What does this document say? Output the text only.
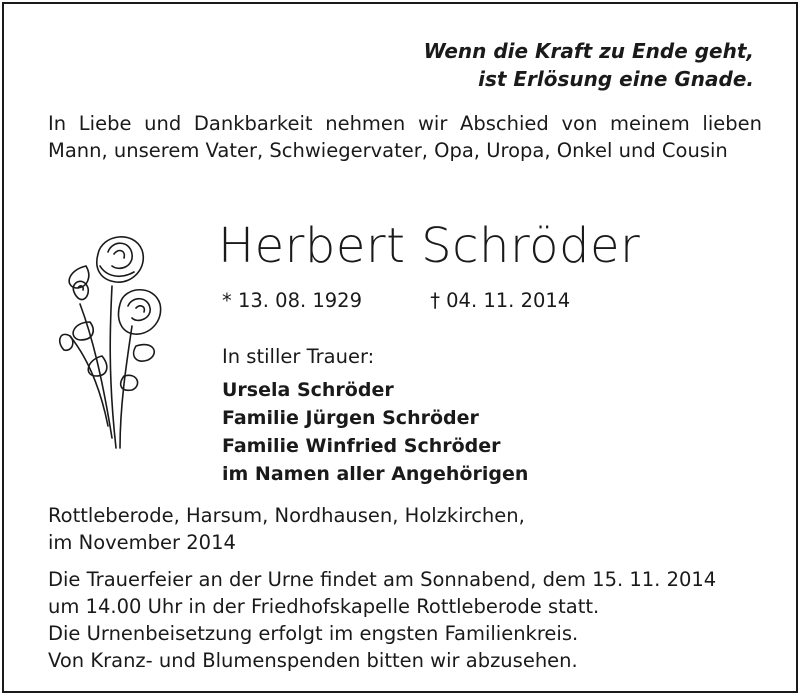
Wenn die Kraft zu Ende geht,
ist Erlösung eine Gnade.
In Liebe und Dankbarkeit nehmen wir Abschied von meinem lieben Mann, unserem Vater, Schwiegervater, Opa, Uropa, Onkel und Cousin
Herbert Schröder
* 13. 08. 1929	† 04. 11. 2014
In stiller Trauer:
Ursela Schröder
Familie Jürgen Schröder
Familie Winfried Schröder
im Namen aller Angehörigen
Rottleberode, Harsum, Nordhausen, Holzkirchen,
im November 2014
Die Trauerfeier an der Urne findet am Sonnabend, dem 15. 11. 2014
um 14.00 Uhr in der Friedhofskapelle Rottleberode statt.
Die Urnenbeisetzung erfolgt im engsten Familienkreis.
Von Kranz- und Blumenspenden bitten wir abzusehen.
